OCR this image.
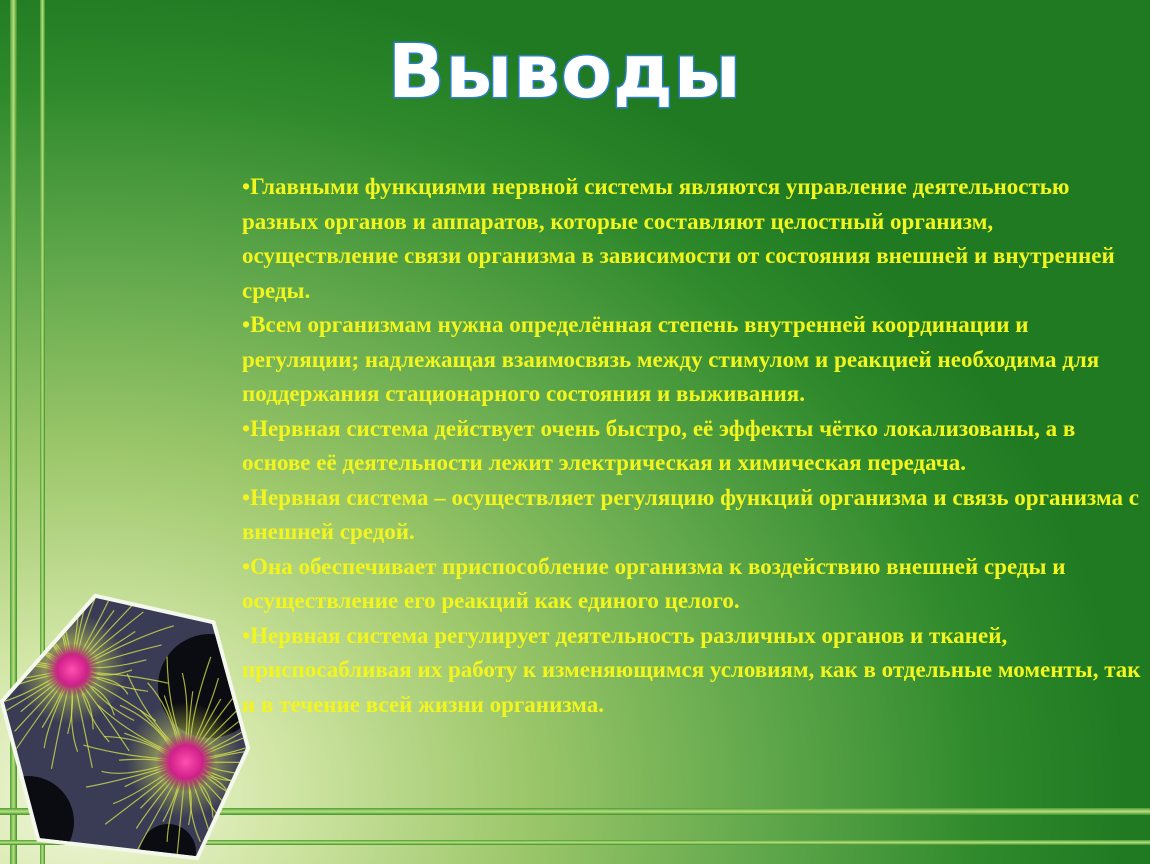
Выводы

•Главными функциями нервной системы являются управление деятельностью разных органов и аппаратов, которые составляют целостный организм, осуществление связи организма в зависимости от состояния внешней и внутренней среды.

•Всем организмам нужна определённая степень внутренней координации и регуляции; надлежащая взаимосвязь между стимулом и реакцией необходима для поддержания стационарного состояния и выживания.

•Нервная система действует очень быстро, её эффекты чётко локализованы, а в основе её деятельности лежит электрическая и химическая передача.

•Нервная система – осуществляет регуляцию функций организма и связь организма с внешней средой.

•Она обеспечивает приспособление организма к воздействию внешней среды и осуществление его реакций как единого целого.

•Нервная система регулирует деятельность различных органов и тканей, приспосабливая их работу к изменяющимся условиям, как в отдельные моменты, так и в течение всей жизни организма.
